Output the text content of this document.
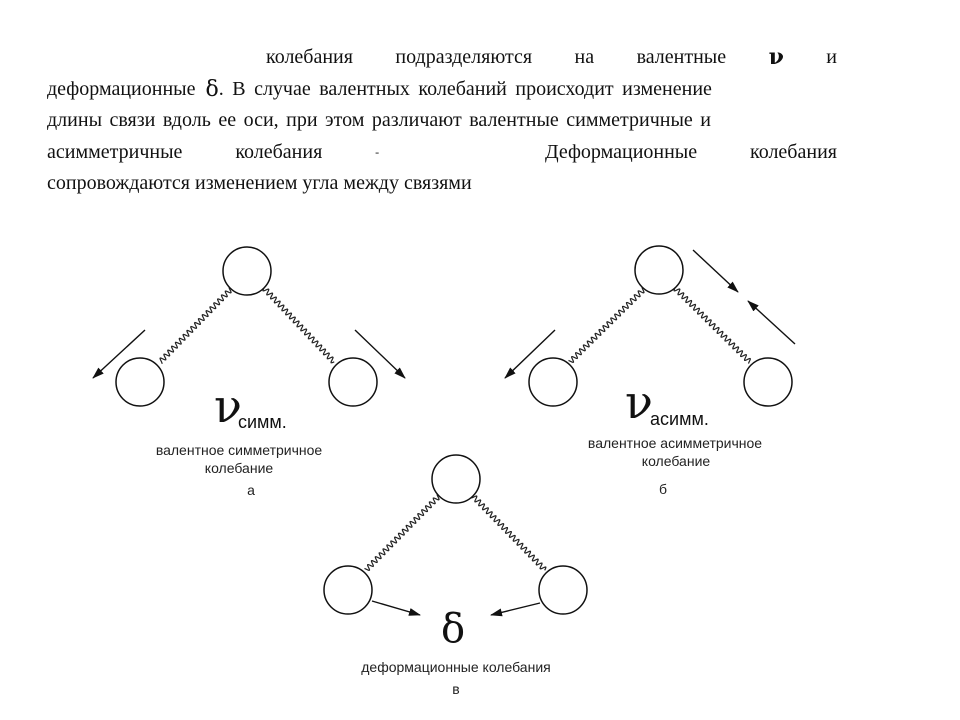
колебания подразделяются на валентные ν и
деформационные δ . В случае валентных колебаний происходит изменение
длины связи вдоль ее оси, при этом различают валентные симметричные и
асимметричные	колебания	-	Деформационные	колебания
сопровождаются изменением угла между связями
ν
симм.
валентное симметричное
колебание
а
ν
асимм.
валентное асимметричное
колебание
б
δ
деформационные колебания
в
